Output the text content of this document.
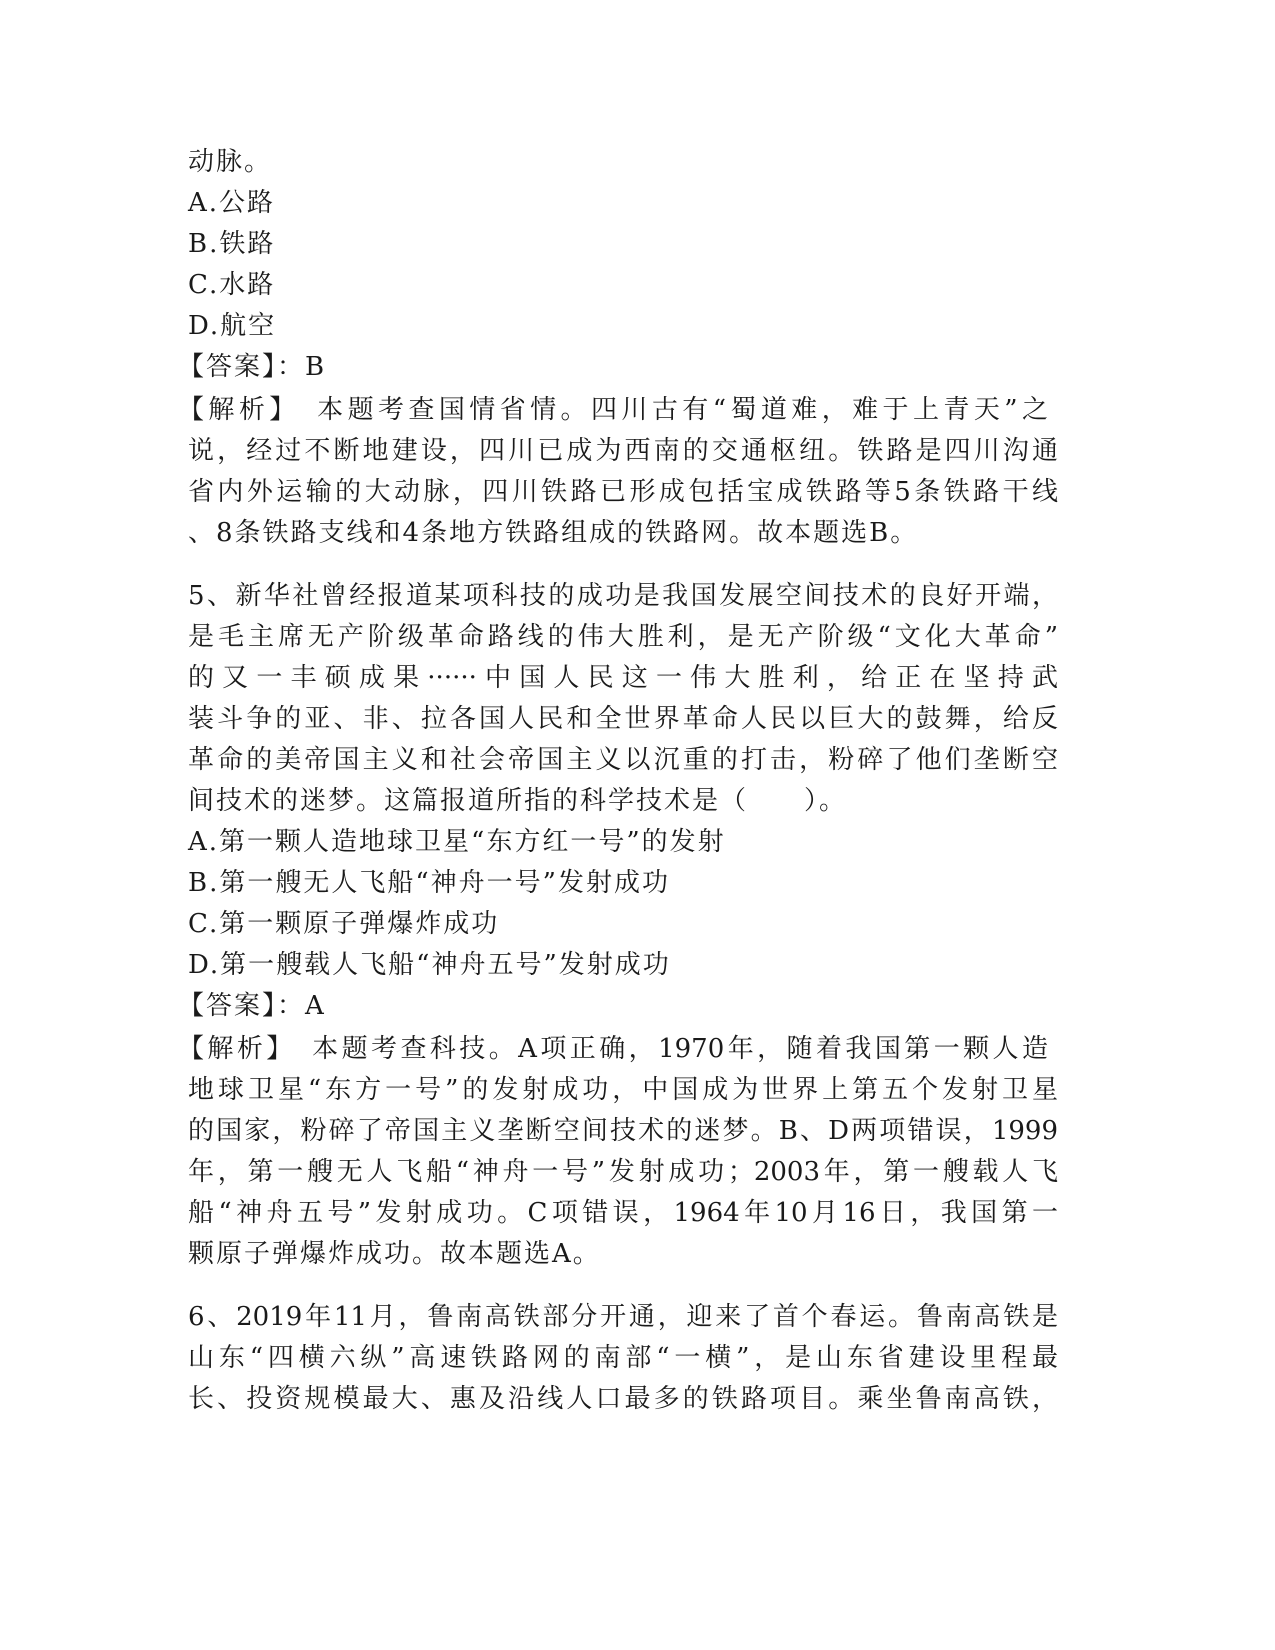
动脉。
A.公路
B.铁路
C.水路
D.航空
【答案】：B
【解析】　本题考查国情省情。四川古有“蜀道难，难于上青天”之
说，经过不断地建设，四川已成为西南的交通枢纽。铁路是四川沟通
省内外运输的大动脉，四川铁路已形成包括宝成铁路等5条铁路干线
、8条铁路支线和4条地方铁路组成的铁路网。故本题选B。
5、新华社曾经报道某项科技的成功是我国发展空间技术的良好开端，
是毛主席无产阶级革命路线的伟大胜利，是无产阶级“文化大革命”
的又一丰硕成果······中国人民这一伟大胜利，给正在坚持武
装斗争的亚、非、拉各国人民和全世界革命人民以巨大的鼓舞，给反
革命的美帝国主义和社会帝国主义以沉重的打击，粉碎了他们垄断空
间技术的迷梦。这篇报道所指的科学技术是（　　）。
A.第一颗人造地球卫星“东方红一号”的发射
B.第一艘无人飞船“神舟一号”发射成功
C.第一颗原子弹爆炸成功
D.第一艘载人飞船“神舟五号”发射成功
【答案】：A
【解析】　本题考查科技。A项正确，1970年，随着我国第一颗人造
地球卫星“东方一号”的发射成功，中国成为世界上第五个发射卫星
的国家，粉碎了帝国主义垄断空间技术的迷梦。B、D两项错误，1999
年，第一艘无人飞船“神舟一号”发射成功；2003年，第一艘载人飞
船“神舟五号”发射成功。C项错误，1964年10月16日，我国第一
颗原子弹爆炸成功。故本题选A。
6、2019年11月，鲁南高铁部分开通，迎来了首个春运。鲁南高铁是
山东“四横六纵”高速铁路网的南部“一横”，是山东省建设里程最
长、投资规模最大、惠及沿线人口最多的铁路项目。乘坐鲁南高铁，
